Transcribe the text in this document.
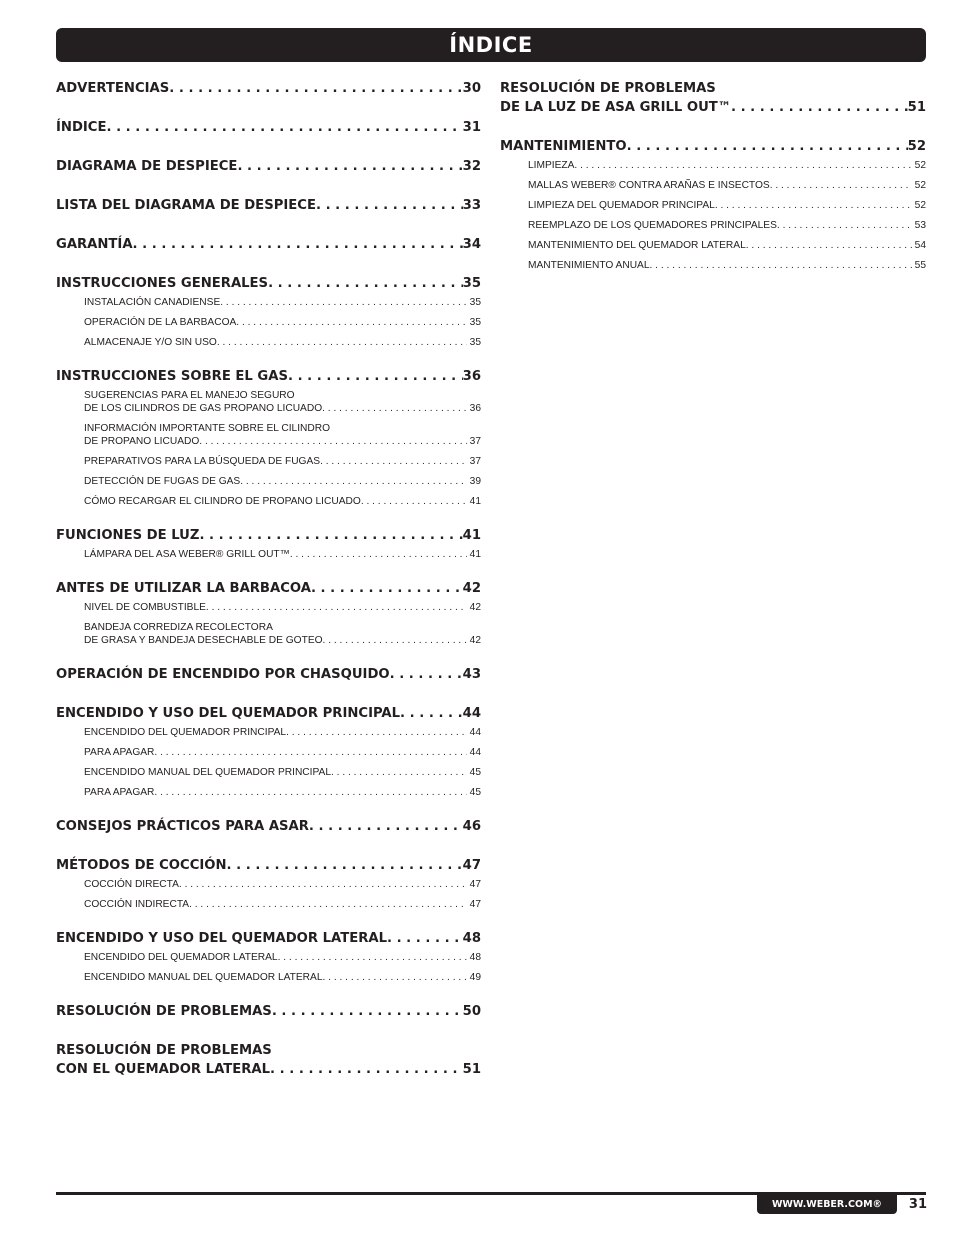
ÍNDICE
ADVERTENCIAS . . .	30
ÍNDICE . . .	31
DIAGRAMA DE DESPIECE . . .	32
LISTA DEL DIAGRAMA DE DESPIECE . . .	33
GARANTÍA . . .	34
INSTRUCCIONES GENERALES . . .	35
INSTALACIÓN CANADIENSE . . .	35
OPERACIÓN DE LA BARBACOA . . .	35
ALMACENAJE Y/O SIN USO . . .	35
INSTRUCCIONES SOBRE EL GAS . . .	36
SUGERENCIAS PARA EL MANEJO SEGURO
DE LOS CILINDROS DE GAS PROPANO LICUADO . . .	36
INFORMACIÓN IMPORTANTE SOBRE EL CILINDRO
DE PROPANO LICUADO . . .	37
PREPARATIVOS PARA LA BÚSQUEDA DE FUGAS . . .	37
DETECCIÓN DE FUGAS DE GAS . . .	39
CÓMO RECARGAR EL CILINDRO DE PROPANO LICUADO . . .	41
FUNCIONES DE LUZ . . .	41
LÁMPARA DEL ASA WEBER® GRILL OUT™ . . .	41
ANTES DE UTILIZAR LA BARBACOA . . .	42
NIVEL DE COMBUSTIBLE . . .	42
BANDEJA CORREDIZA RECOLECTORA
DE GRASA Y BANDEJA DESECHABLE DE GOTEO . . .	42
OPERACIÓN DE ENCENDIDO POR CHASQUIDO . . .	43
ENCENDIDO Y USO DEL QUEMADOR PRINCIPAL . . .	44
ENCENDIDO DEL QUEMADOR PRINCIPAL . . .	44
PARA APAGAR . . .	44
ENCENDIDO MANUAL DEL QUEMADOR PRINCIPAL . . .	45
PARA APAGAR . . .	45
CONSEJOS PRÁCTICOS PARA ASAR . . .	46
MÉTODOS DE COCCIÓN . . .	47
COCCIÓN DIRECTA . . .	47
COCCIÓN INDIRECTA . . .	47
ENCENDIDO Y USO DEL QUEMADOR LATERAL . . .	48
ENCENDIDO DEL QUEMADOR LATERAL . . .	48
ENCENDIDO MANUAL DEL QUEMADOR LATERAL . . .	49
RESOLUCIÓN DE PROBLEMAS . . .	50
RESOLUCIÓN DE PROBLEMAS
CON EL QUEMADOR LATERAL . . .	51
RESOLUCIÓN DE PROBLEMAS
DE LA LUZ DE ASA GRILL OUT™ . . .	51
MANTENIMIENTO . . .	52
LIMPIEZA . . .	52
MALLAS WEBER® CONTRA ARAÑAS E INSECTOS . . .	52
LIMPIEZA DEL QUEMADOR PRINCIPAL . . .	52
REEMPLAZO DE LOS QUEMADORES PRINCIPALES . . .	53
MANTENIMIENTO DEL QUEMADOR LATERAL . . .	54
MANTENIMIENTO ANUAL . . .	55
WWW.WEBER.COM®	31
